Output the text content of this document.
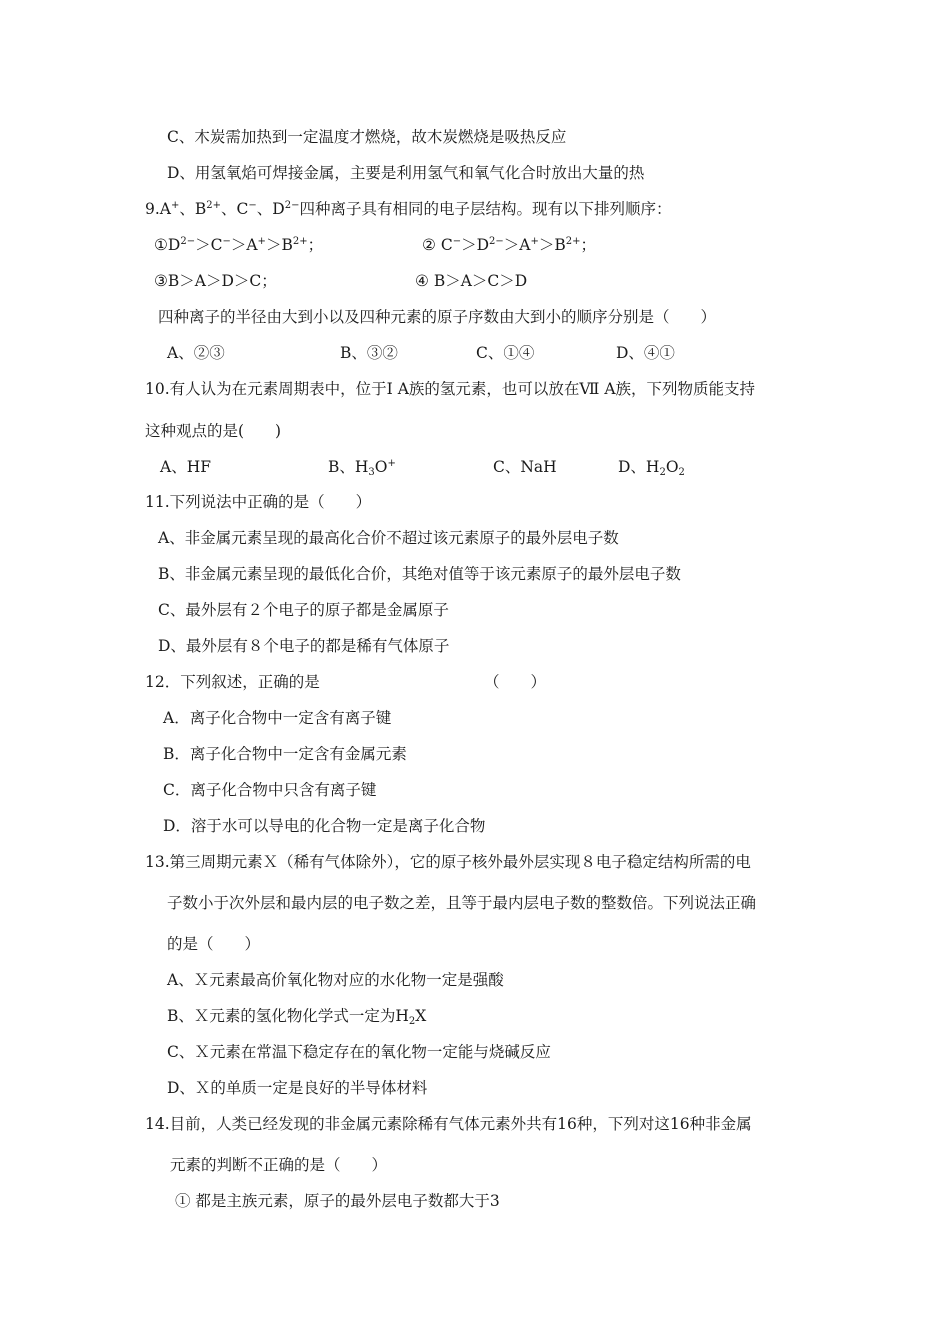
C、木炭需加热到一定温度才燃烧，故木炭燃烧是吸热反应
D、用氢氧焰可焊接金属，主要是利用氢气和氧气化合时放出大量的热
9.A+、$B^{2+}$、C−、$D^{2-}$四种离子具有相同的电子层结构。现有以下排列顺序：
$①D^{2-}>C^->A^+>B^{2+}$；	② $C^->D^{2-}>A^+>B^{2+}$；
③B＞A＞D＞C；	④ B＞A＞C＞D
四种离子的半径由大到小以及四种元素的原子序数由大到小的顺序分别是（　　）
A、②③	B、③②	C、①④	D、④①
10.有人认为在元素周期表中，位于Ⅰ A族的氢元素，也可以放在Ⅶ A族，下列物质能支持
这种观点的是(　　)
A、HF	B、$H_3O^+$	C、NaH	D、$H_2O_2$
11.下列说法中正确的是（　　）
A、非金属元素呈现的最高化合价不超过该元素原子的最外层电子数
B、非金属元素呈现的最低化合价，其绝对值等于该元素原子的最外层电子数
C、最外层有２个电子的原子都是金属原子
D、最外层有８个电子的都是稀有气体原子
12．下列叙述，正确的是	（　　）
A．离子化合物中一定含有离子键
B．离子化合物中一定含有金属元素
C．离子化合物中只含有离子键
D．溶于水可以导电的化合物一定是离子化合物
13.第三周期元素Ｘ（稀有气体除外），它的原子核外最外层实现８电子稳定结构所需的电
子数小于次外层和最内层的电子数之差，且等于最内层电子数的整数倍。下列说法正确
的是（　　）
A、Ｘ元素最高价氧化物对应的水化物一定是强酸
B、Ｘ元素的氢化物化学式一定为$H_2X$
C、Ｘ元素在常温下稳定存在的氧化物一定能与烧碱反应
D、Ｘ的单质一定是良好的半导体材料
14.目前，人类已经发现的非金属元素除稀有气体元素外共有16种，下列对这16种非金属
元素的判断不正确的是（　　）
① 都是主族元素，原子的最外层电子数都大于3
